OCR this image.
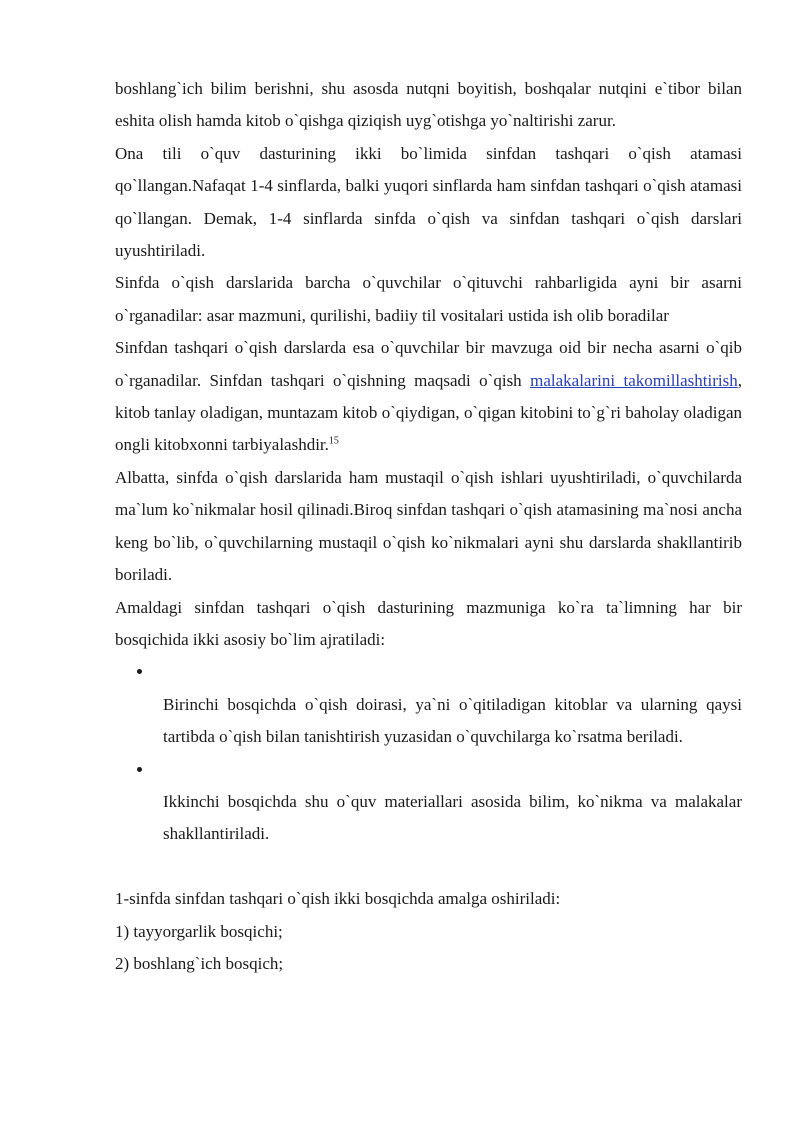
boshlang`ich bilim berishni, shu asosda nutqni boyitish, boshqalar nutqini e`tibor bilan eshita olish hamda kitob o`qishga qiziqish uyg`otishga yo`naltirishi zarur.

Ona tili o`quv dasturining ikki bo`limida sinfdan tashqari o`qish atamasi qo`llangan.Nafaqat 1-4 sinflarda, balki yuqori sinflarda ham sinfdan tashqari o`qish atamasi qo`llangan. Demak, 1-4 sinflarda sinfda o`qish va sinfdan tashqari o`qish darslari uyushtiriladi.

Sinfda o`qish darslarida barcha o`quvchilar o`qituvchi rahbarligida ayni bir asarni o`rganadilar: asar mazmuni, qurilishi, badiiy til vositalari ustida ish olib boradilar

Sinfdan tashqari o`qish darslarda esa o`quvchilar bir mavzuga oid bir necha asarni o`qib o`rganadilar. Sinfdan tashqari o`qishning maqsadi o`qish malakalarini takomillashtirish, kitob tanlay oladigan, muntazam kitob o`qiydigan, o`qigan kitobini to`g`ri baholay oladigan ongli kitobxonni tarbiyalashdir.$^{15}$

Albatta, sinfda o`qish darslarida ham mustaqil o`qish ishlari uyushtiriladi, o`quvchilarda ma`lum ko`nikmalar hosil qilinadi.Biroq sinfdan tashqari o`qish atamasining ma`nosi ancha keng bo`lib, o`quvchilarning mustaqil o`qish ko`nikmalari ayni shu darslarda shakllantirib boriladi.

Amaldagi sinfdan tashqari o`qish dasturining mazmuniga ko`ra ta`limning har bir bosqichida ikki asosiy bo`lim ajratiladi:

Birinchi bosqichda o`qish doirasi, ya`ni o`qitiladigan kitoblar va ularning qaysi tartibda o`qish bilan tanishtirish yuzasidan o`quvchilarga ko`rsatma beriladi.

Ikkinchi bosqichda shu o`quv materiallari asosida bilim, ko`nikma va malakalar shakllantiriladi.

1-sinfda sinfdan tashqari o`qish ikki bosqichda amalga oshiriladi:

1) tayyorgarlik bosqichi;

2) boshlang`ich bosqich;
